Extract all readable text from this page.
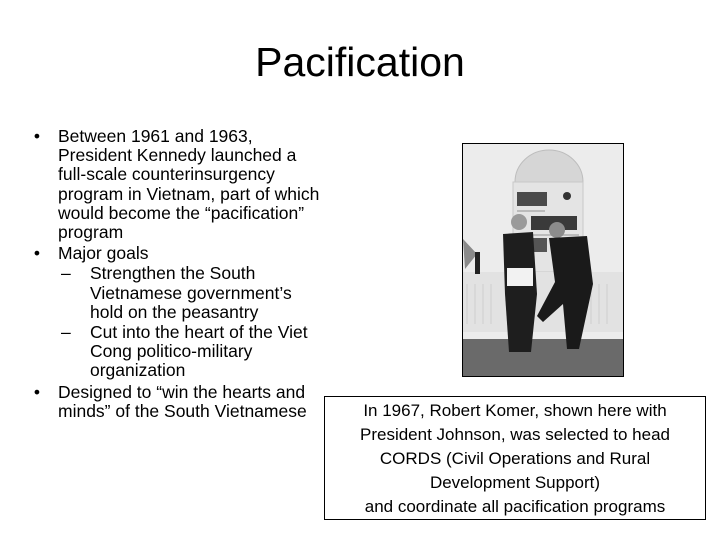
Pacification
• Between 1961 and 1963, President Kennedy launched a full-scale counterinsurgency program in Vietnam, part of which would become the “pacification” program
• Major goals
– Strengthen the South Vietnamese government’s hold on the peasantry
– Cut into the heart of the Viet Cong politico-military organization
• Designed to “win the hearts and minds” of the South Vietnamese	In 1967, Robert Komer, shown here with
President Johnson, was selected to head
CORDS (Civil Operations and Rural
Development Support)
and coordinate all pacification programs
